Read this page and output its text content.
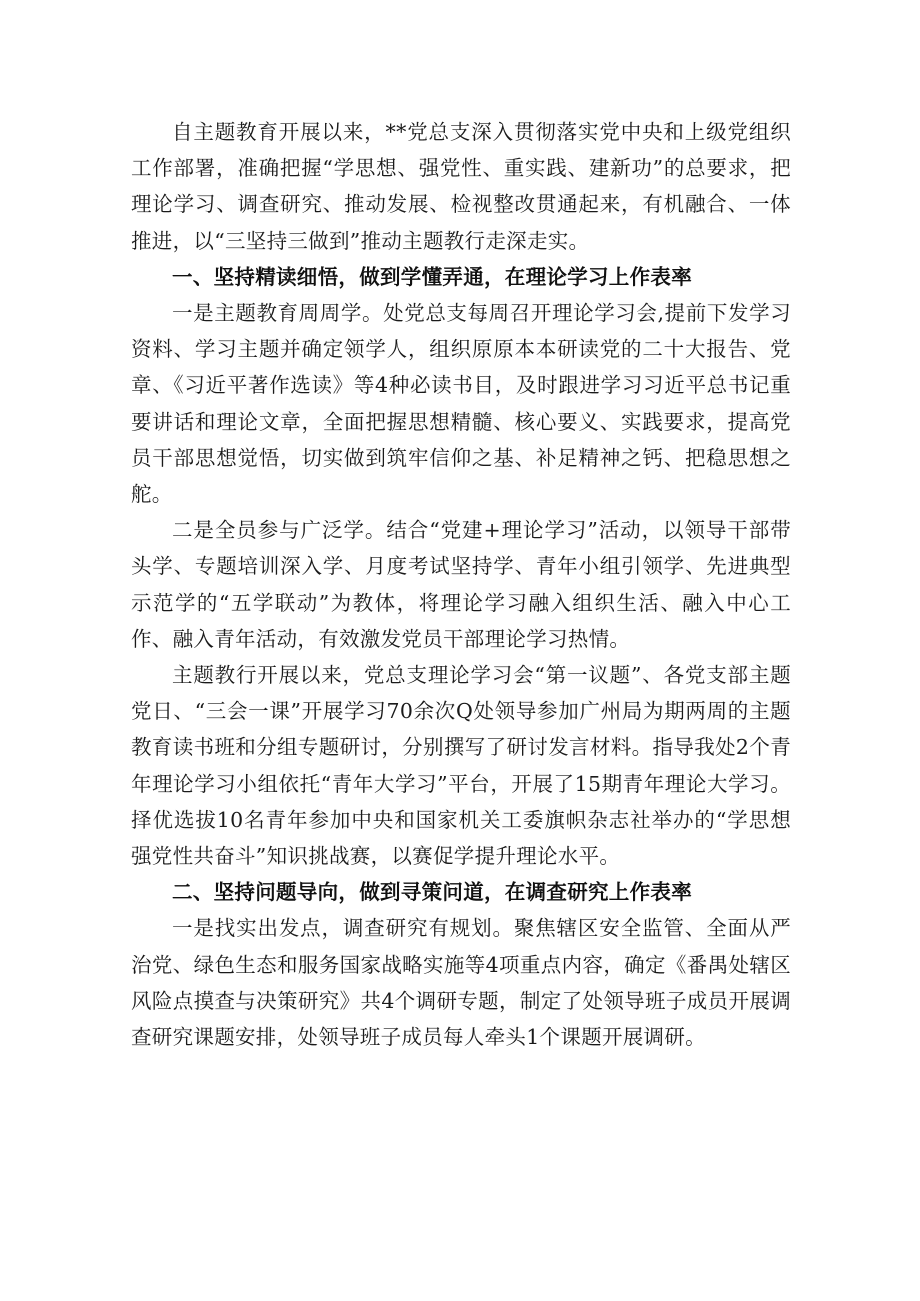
自主题教育开展以来，**党总支深入贯彻落实党中央和上级党组织工作部署，准确把握“学思想、强党性、重实践、建新功”的总要求，把理论学习、调查研究、推动发展、检视整改贯通起来，有机融合、一体推进，以“三坚持三做到”推动主题教行走深走实。

一、坚持精读细悟，做到学懂弄通，在理论学习上作表率

一是主题教育周周学。处党总支每周召开理论学习会,提前下发学习资料、学习主题并确定领学人，组织原原本本研读党的二十大报告、党章、《习近平著作选读》等4种必读书目，及时跟进学习习近平总书记重要讲话和理论文章，全面把握思想精髓、核心要义、实践要求，提高党员干部思想觉悟，切实做到筑牢信仰之基、补足精神之钙、把稳思想之舵。

二是全员参与广泛学。结合“党建+理论学习”活动，以领导干部带头学、专题培训深入学、月度考试坚持学、青年小组引领学、先进典型示范学的“五学联动”为教体，将理论学习融入组织生活、融入中心工作、融入青年活动，有效激发党员干部理论学习热情。

主题教行开展以来，党总支理论学习会“第一议题”、各党支部主题党日、“三会一课”开展学习70余次Q处领导参加广州局为期两周的主题教育读书班和分组专题研讨，分别撰写了研讨发言材料。指导我处2个青年理论学习小组依托“青年大学习”平台，开展了15期青年理论大学习。择优选拔10名青年参加中央和国家机关工委旗帜杂志社举办的“学思想强党性共奋斗”知识挑战赛，以赛促学提升理论水平。

二、坚持问题导向，做到寻策问道，在调查研究上作表率

一是找实出发点，调查研究有规划。聚焦辖区安全监管、全面从严治党、绿色生态和服务国家战略实施等4项重点内容，确定《番禺处辖区风险点摸查与决策研究》共4个调研专题，制定了处领导班子成员开展调查研究课题安排，处领导班子成员每人牵头1个课题开展调研。
